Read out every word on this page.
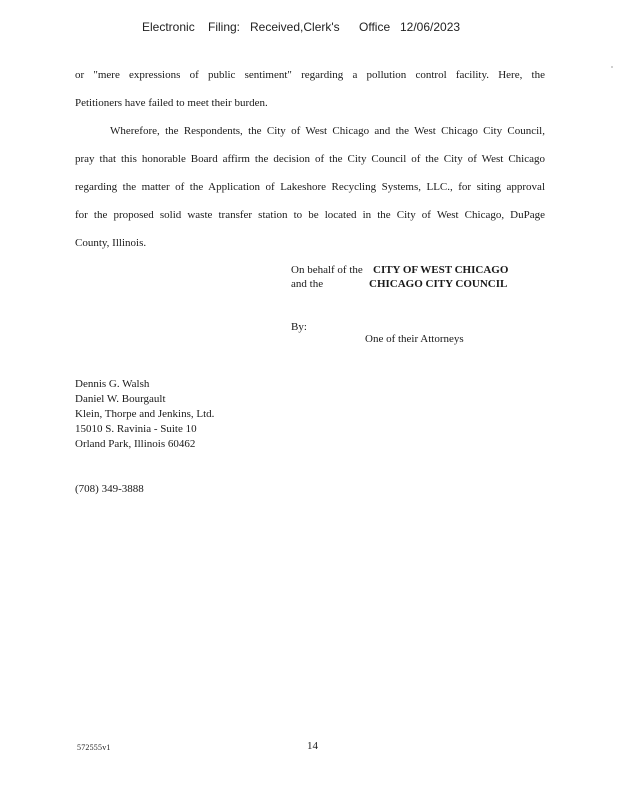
Electronic Filing: Received,Clerk's Office 12/06/2023
or "mere expressions of public sentiment" regarding a pollution control facility. Here, the
Petitioners have failed to meet their burden.
Wherefore, the Respondents, the City of West Chicago and the West Chicago City Council,
pray that this honorable Board affirm the decision of the City Council of the City of West Chicago
regarding the matter of the Application of Lakeshore Recycling Systems, LLC., for siting approval
for the proposed solid waste transfer station to be located in the City of West Chicago, DuPage
County, Illinois.
On behalf of the CITY OF WEST CHICAGO
and the	CHICAGO CITY COUNCIL
By:
One of their Attorneys
Dennis G. Walsh
Daniel W. Bourgault
Klein, Thorpe and Jenkins, Ltd.
15010 S. Ravinia - Suite 10
Orland Park, Illinois 60462
(708) 349-3888
572555v1	14
